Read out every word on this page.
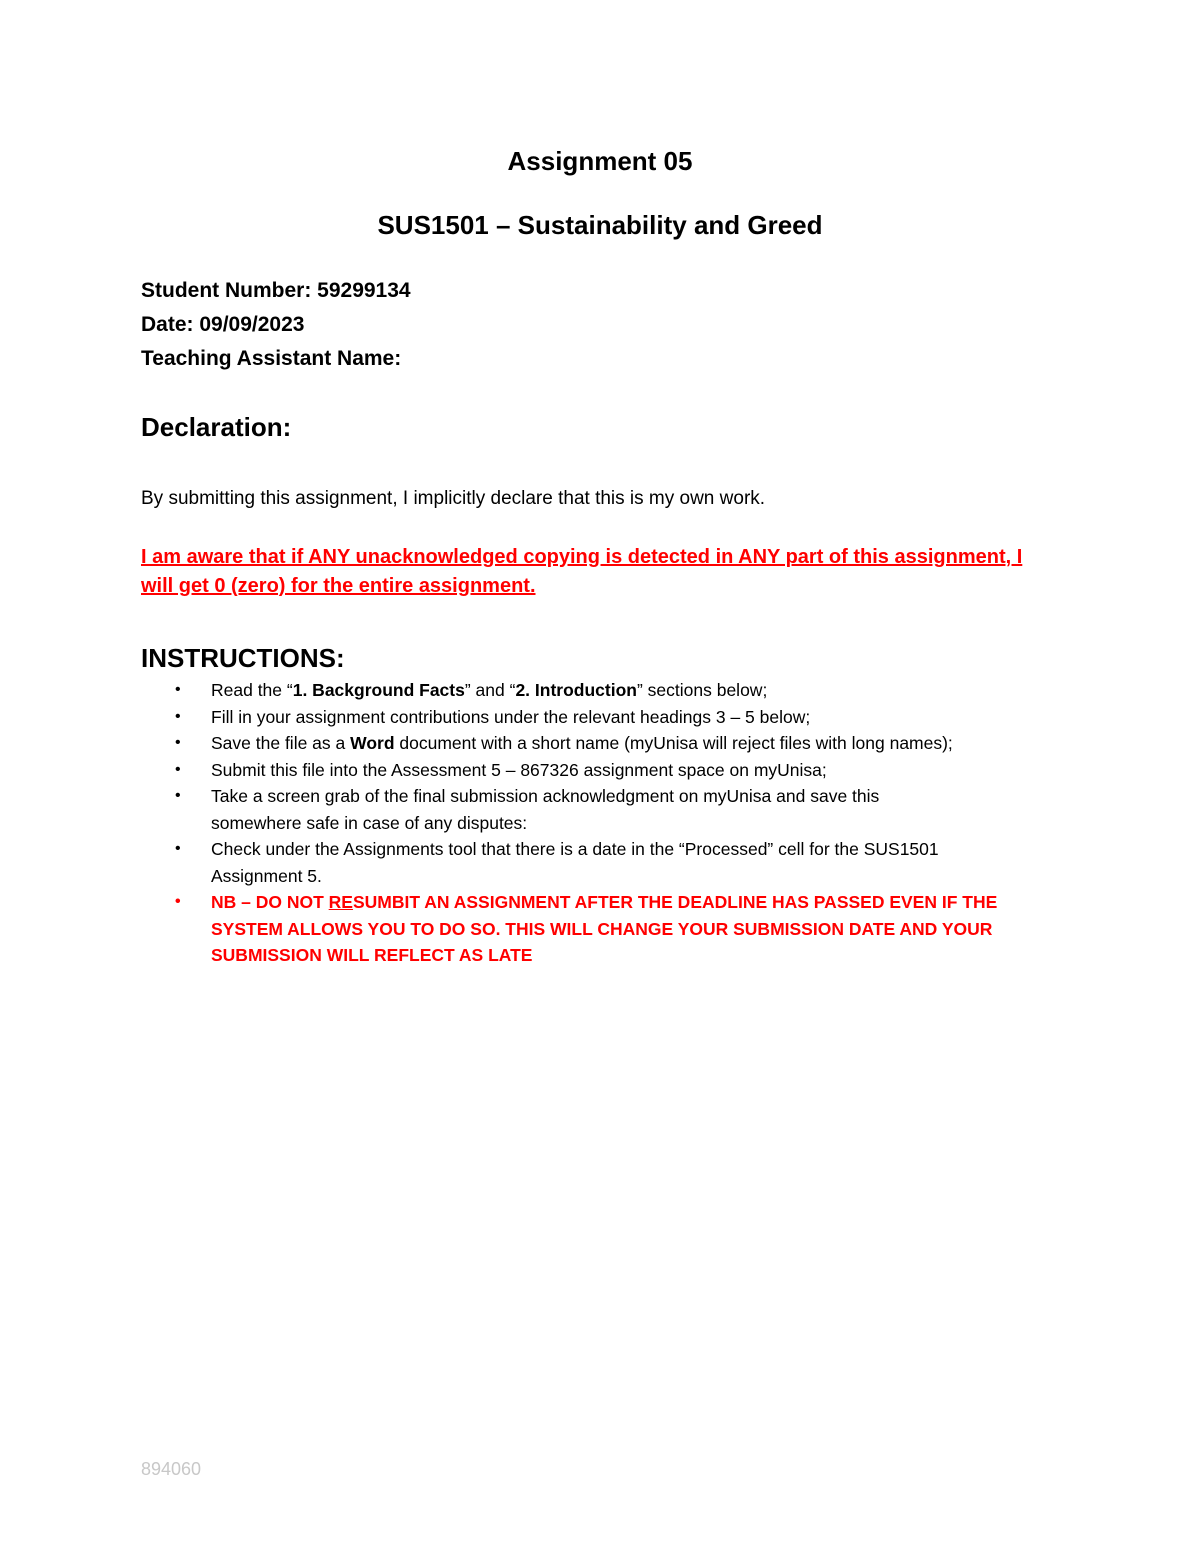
Assignment 05
SUS1501 – Sustainability and Greed
Student Number: 59299134
Date: 09/09/2023
Teaching Assistant Name:
Declaration:
By submitting this assignment, I implicitly declare that this is my own work.
I am aware that if ANY unacknowledged copying is detected in ANY part of this assignment, I
will get 0 (zero) for the entire assignment.
INSTRUCTIONS:
• Read the “1. Background Facts” and “2. Introduction” sections below;
• Fill in your assignment contributions under the relevant headings 3 – 5 below;
• Save the file as a Word document with a short name (myUnisa will reject files with long names);
• Submit this file into the Assessment 5 – 867326 assignment space on myUnisa;
• Take a screen grab of the final submission acknowledgment on myUnisa and save this
somewhere safe in case of any disputes:
• Check under the Assignments tool that there is a date in the “Processed” cell for the SUS1501
Assignment 5.
• NB – DO NOT RESUMBIT AN ASSIGNMENT AFTER THE DEADLINE HAS PASSED EVEN IF THE
SYSTEM ALLOWS YOU TO DO SO. THIS WILL CHANGE YOUR SUBMISSION DATE AND YOUR
SUBMISSION WILL REFLECT AS LATE
894060
